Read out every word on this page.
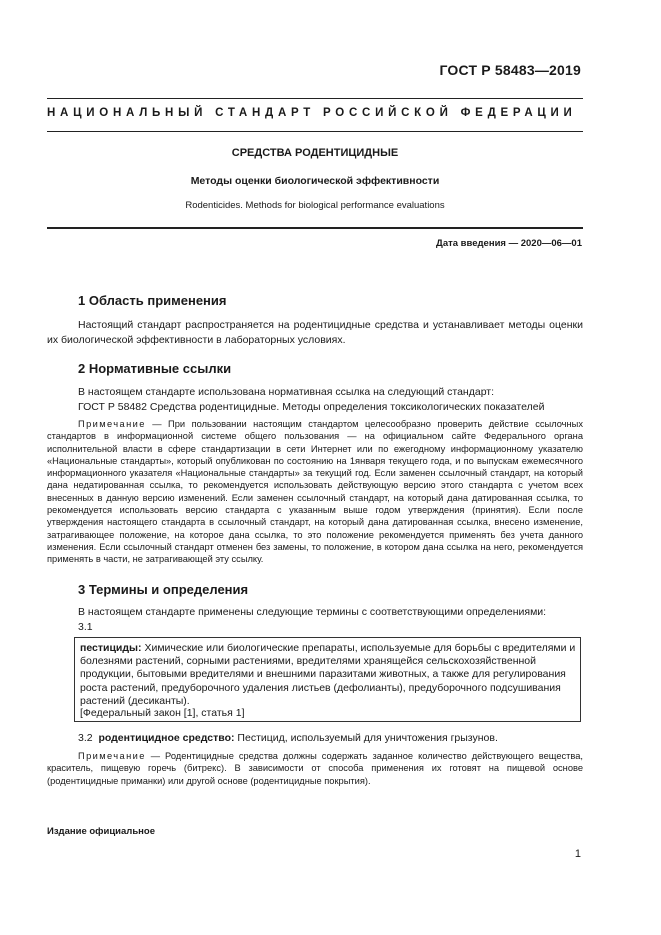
ГОСТ Р 58483—2019
НАЦИОНАЛЬНЫЙ СТАНДАРТ РОССИЙСКОЙ ФЕДЕРАЦИИ
СРЕДСТВА РОДЕНТИЦИДНЫЕ
Методы оценки биологической эффективности
Rodenticides. Methods for biological performance evaluations
Дата введения — 2020—06—01
1 Область применения
Настоящий стандарт распространяется на родентицидные средства и устанавливает методы оценки их биологической эффективности в лабораторных условиях.
2 Нормативные ссылки
В настоящем стандарте использована нормативная ссылка на следующий стандарт:
ГОСТ Р 58482 Средства родентицидные. Методы определения токсикологических показателей
Примечание — При пользовании настоящим стандартом целесообразно проверить действие ссылочных стандартов в информационной системе общего пользования — на официальном сайте Федерального органа исполнительной власти в сфере стандартизации в сети Интернет или по ежегодному информационному указателю «Национальные стандарты», который опубликован по состоянию на 1января текущего года, и по выпускам ежемесячного информационного указателя «Национальные стандарты» за текущий год. Если заменен ссылочный стандарт, на который дана недатированная ссылка, то рекомендуется использовать действующую версию этого стандарта с учетом всех внесенных в данную версию изменений. Если заменен ссылочный стандарт, на который дана датированная ссылка, то рекомендуется использовать версию стандарта с указанным выше годом утверждения (принятия). Если после утверждения настоящего стандарта в ссылочный стандарт, на который дана датированная ссылка, внесено изменение, затрагивающее положение, на которое дана ссылка, то это положение рекомендуется применять без учета данного изменения. Если ссылочный стандарт отменен без замены, то положение, в котором дана ссылка на него, рекомендуется применять в части, не затрагивающей эту ссылку.
3 Термины и определения
В настоящем стандарте применены следующие термины с соответствующими определениями:
3.1
пестициды: Химические или биологические препараты, используемые для борьбы с вредителями и болезнями растений, сорными растениями, вредителями хранящейся сельскохозяйственной продукции, бытовыми вредителями и внешними паразитами животных, а также для регулирования роста растений, предуборочного удаления листьев (дефолианты), предуборочного подсушивания растений (десиканты).
[Федеральный закон [1], статья 1]
3.2 родентицидное средство: Пестицид, используемый для уничтожения грызунов.
Примечание — Родентицидные средства должны содержать заданное количество действующего вещества, краситель, пищевую горечь (битрекс). В зависимости от способа применения их готовят на пищевой основе (родентицидные приманки) или другой основе (родентицидные покрытия).
Издание официальное
1
